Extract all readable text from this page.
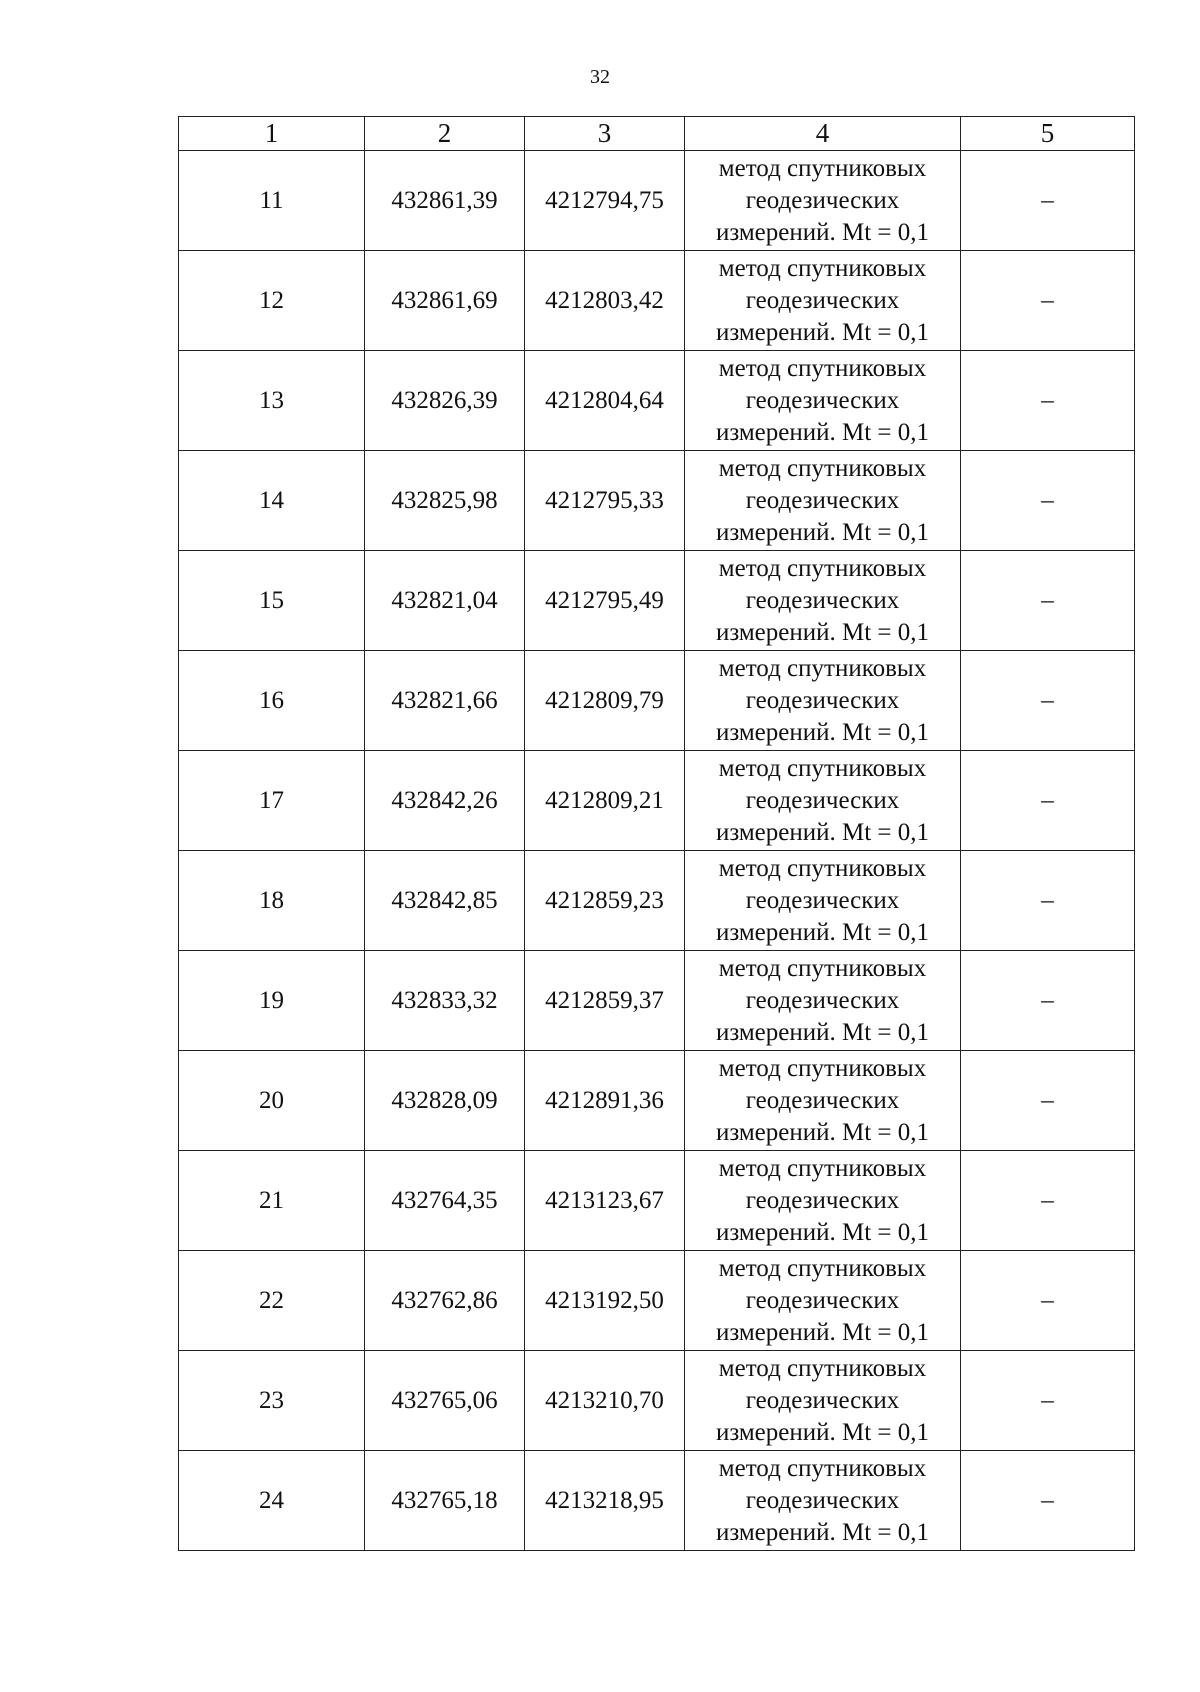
32
1	2	3	4	5
11	432861,39	4212794,75	метод спутниковых
геодезических
измерений. Mt = 0,1	–
12	432861,69	4212803,42	метод спутниковых
геодезических
измерений. Mt = 0,1	–
13	432826,39	4212804,64	метод спутниковых
геодезических
измерений. Mt = 0,1	–
14	432825,98	4212795,33	метод спутниковых
геодезических
измерений. Mt = 0,1	–
15	432821,04	4212795,49	метод спутниковых
геодезических
измерений. Mt = 0,1	–
16	432821,66	4212809,79	метод спутниковых
геодезических
измерений. Mt = 0,1	–
17	432842,26	4212809,21	метод спутниковых
геодезических
измерений. Mt = 0,1	–
18	432842,85	4212859,23	метод спутниковых
геодезических
измерений. Mt = 0,1	–
19	432833,32	4212859,37	метод спутниковых
геодезических
измерений. Mt = 0,1	–
20	432828,09	4212891,36	метод спутниковых
геодезических
измерений. Mt = 0,1	–
21	432764,35	4213123,67	метод спутниковых
геодезических
измерений. Mt = 0,1	–
22	432762,86	4213192,50	метод спутниковых
геодезических
измерений. Mt = 0,1	–
23	432765,06	4213210,70	метод спутниковых
геодезических
измерений. Mt = 0,1	–
24	432765,18	4213218,95	метод спутниковых
геодезических
измерений. Mt = 0,1	–
